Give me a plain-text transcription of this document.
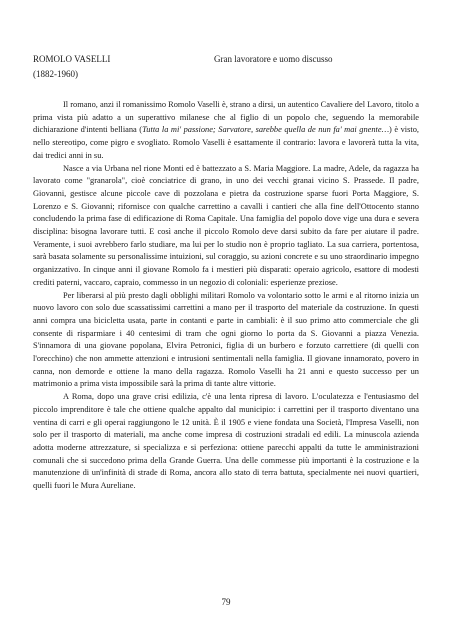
ROMOLO VASELLI
(1882-1960)
Gran lavoratore e uomo discusso

Il romano, anzi il romanissimo Romolo Vaselli è, strano a dirsi, un autentico Cavaliere del Lavoro, titolo a prima vista più adatto a un superattivo milanese che al figlio di un popolo che, seguendo la memorabile dichiarazione d'intenti belliana (Tutta la mi' passione; Sarvatore, sarebbe quella de nun fa' mai gnente…) è visto, nello stereotipo, come pigro e svogliato. Romolo Vaselli è esattamente il contrario: lavora e lavorerà tutta la vita, dai tredici anni in su.

Nasce a via Urbana nel rione Monti ed è battezzato a S. Maria Maggiore. La madre, Adele, da ragazza ha lavorato come "granarola", cioè conciatrice di grano, in uno dei vecchi granai vicino S. Prassede. Il padre, Giovanni, gestisce alcune piccole cave di pozzolana e pietra da costruzione sparse fuori Porta Maggiore, S. Lorenzo e S. Giovanni; rifornisce con qualche carrettino a cavalli i cantieri che alla fine dell'Ottocento stanno concludendo la prima fase di edificazione di Roma Capitale. Una famiglia del popolo dove vige una dura e severa disciplina: bisogna lavorare tutti. E così anche il piccolo Romolo deve darsi subito da fare per aiutare il padre. Veramente, i suoi avrebbero farlo studiare, ma lui per lo studio non è proprio tagliato. La sua carriera, portentosa, sarà basata solamente su personalissime intuizioni, sul coraggio, su azioni concrete e su uno straordinario impegno organizzativo. In cinque anni il giovane Romolo fa i mestieri più disparati: operaio agricolo, esattore di modesti crediti paterni, vaccaro, capraio, commesso in un negozio di coloniali: esperienze preziose.

Per liberarsi al più presto dagli obblighi militari Romolo va volontario sotto le armi e al ritorno inizia un nuovo lavoro con solo due scassatissimi carrettini a mano per il trasporto del materiale da costruzione. In questi anni compra una bicicletta usata, parte in contanti e parte in cambiali: è il suo primo atto commerciale che gli consente di risparmiare i 40 centesimi di tram che ogni giorno lo porta da S. Giovanni a piazza Venezia. S'innamora di una giovane popolana, Elvira Petronici, figlia di un burbero e forzuto carrettiere (di quelli con l'orecchino) che non ammette attenzioni e intrusioni sentimentali nella famiglia. Il giovane innamorato, povero in canna, non demorde e ottiene la mano della ragazza. Romolo Vaselli ha 21 anni e questo successo per un matrimonio a prima vista impossibile sarà la prima di tante altre vittorie.

A Roma, dopo una grave crisi edilizia, c'è una lenta ripresa di lavoro. L'oculatezza e l'entusiasmo del piccolo imprenditore è tale che ottiene qualche appalto dal municipio: i carrettini per il trasporto diventano una ventina di carri e gli operai raggiungono le 12 unità. È il 1905 e viene fondata una Società, l'Impresa Vaselli, non solo per il trasporto di materiali, ma anche come impresa di costruzioni stradali ed edili. La minuscola azienda adotta moderne attrezzature, si specializza e si perfeziona: ottiene parecchi appalti da tutte le amministrazioni comunali che si succedono prima della Grande Guerra. Una delle commesse più importanti è la costruzione e la manutenzione di un'infinità di strade di Roma, ancora allo stato di terra battuta, specialmente nei nuovi quartieri, quelli fuori le Mura Aureliane.

79
